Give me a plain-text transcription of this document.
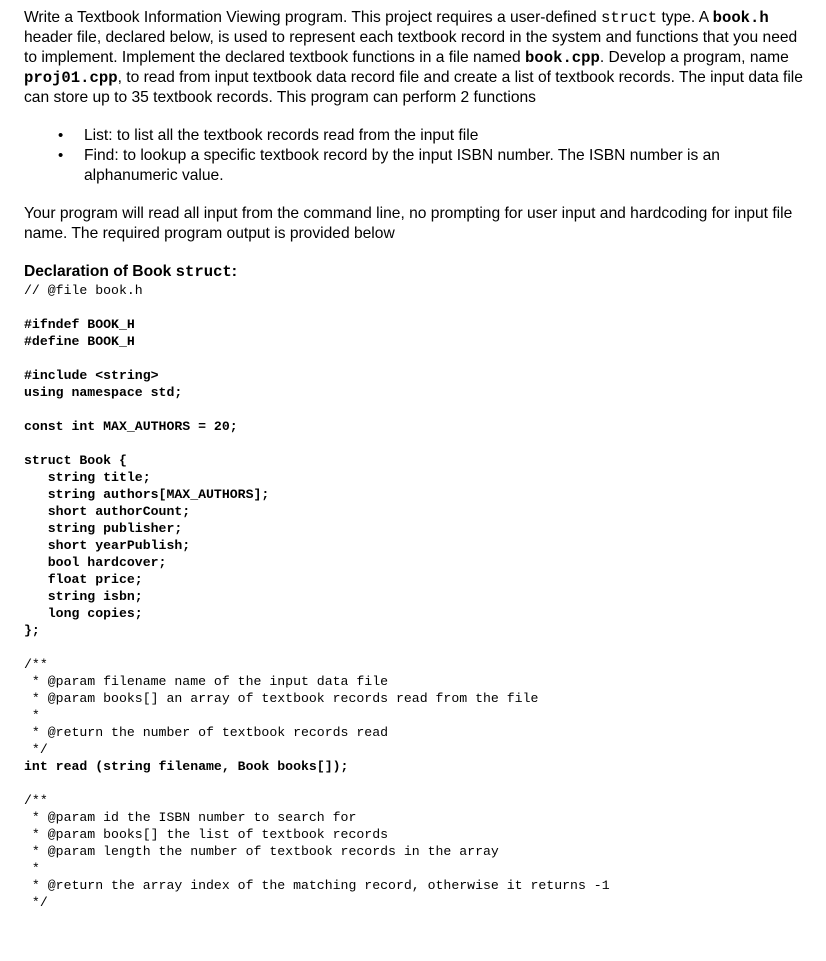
Write a Textbook Information Viewing program. This project requires a user-defined struct type. A book.h header file, declared below, is used to represent each textbook record in the system and functions that you need to implement. Implement the declared textbook functions in a file named book.cpp. Develop a program, name proj01.cpp, to read from input textbook data record file and create a list of textbook records. The input data file can store up to 35 textbook records. This program can perform 2 functions

• List: to list all the textbook records read from the input file
• Find: to lookup a specific textbook record by the input ISBN number. The ISBN number is an alphanumeric value.

Your program will read all input from the command line, no prompting for user input and hardcoding for input file name. The required program output is provided below

Declaration of Book struct:
// @file book.h
#ifndef BOOK_H
#define BOOK_H
#include <string>
using namespace std;
const int MAX_AUTHORS = 20;
struct Book {
string title;
string authors[MAX_AUTHORS];
short authorCount;
string publisher;
short yearPublish;
bool hardcover;
float price;
string isbn;
long copies;
};
/**
* @param filename name of the input data file
* @param books[] an array of textbook records read from the file
*
* @return the number of textbook records read
*/
int read (string filename, Book books[]);
/**
* @param id the ISBN number to search for
* @param books[] the list of textbook records
* @param length the number of textbook records in the array
*
* @return the array index of the matching record, otherwise it returns -1
*/
